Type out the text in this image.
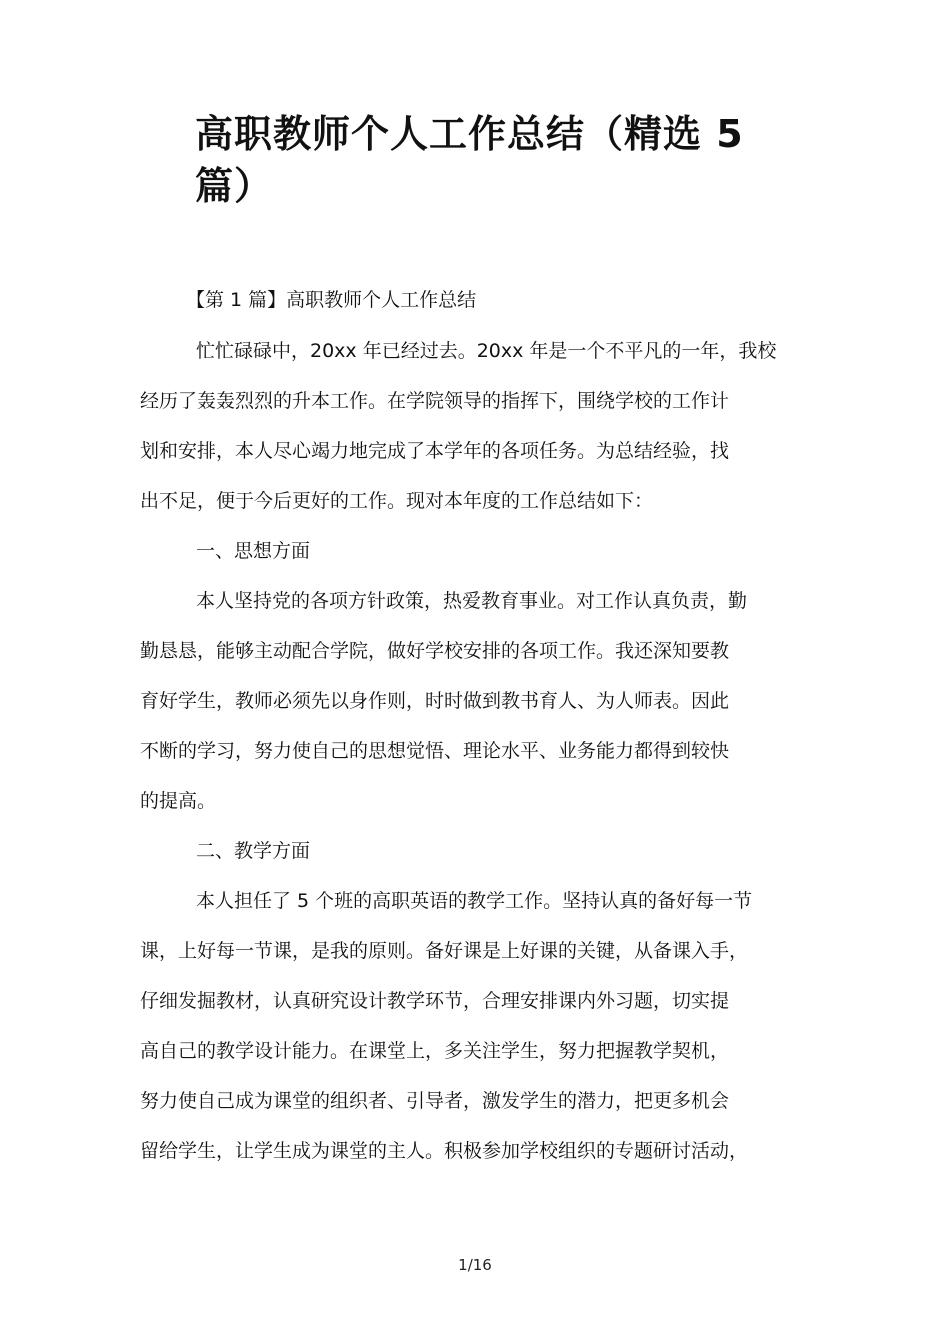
高职教师个人工作总结（精选 5
篇）
【第 1 篇】高职教师个人工作总结
忙忙碌碌中，20xx 年已经过去。20xx 年是一个不平凡的一年，我校
经历了轰轰烈烈的升本工作。在学院领导的指挥下，围绕学校的工作计
划和安排，本人尽心竭力地完成了本学年的各项任务。为总结经验，找
出不足，便于今后更好的工作。现对本年度的工作总结如下：
一、思想方面
本人坚持党的各项方针政策，热爱教育事业。对工作认真负责，勤
勤恳恳，能够主动配合学院，做好学校安排的各项工作。我还深知要教
育好学生，教师必须先以身作则，时时做到教书育人、为人师表。因此
不断的学习，努力使自己的思想觉悟、理论水平、业务能力都得到较快
的提高。
二、教学方面
本人担任了 5 个班的高职英语的教学工作。坚持认真的备好每一节
课，上好每一节课，是我的原则。备好课是上好课的关键，从备课入手，
仔细发掘教材，认真研究设计教学环节，合理安排课内外习题，切实提
高自己的教学设计能力。在课堂上，多关注学生，努力把握教学契机，
努力使自己成为课堂的组织者、引导者，激发学生的潜力，把更多机会
留给学生，让学生成为课堂的主人。积极参加学校组织的专题研讨活动，
1/16
